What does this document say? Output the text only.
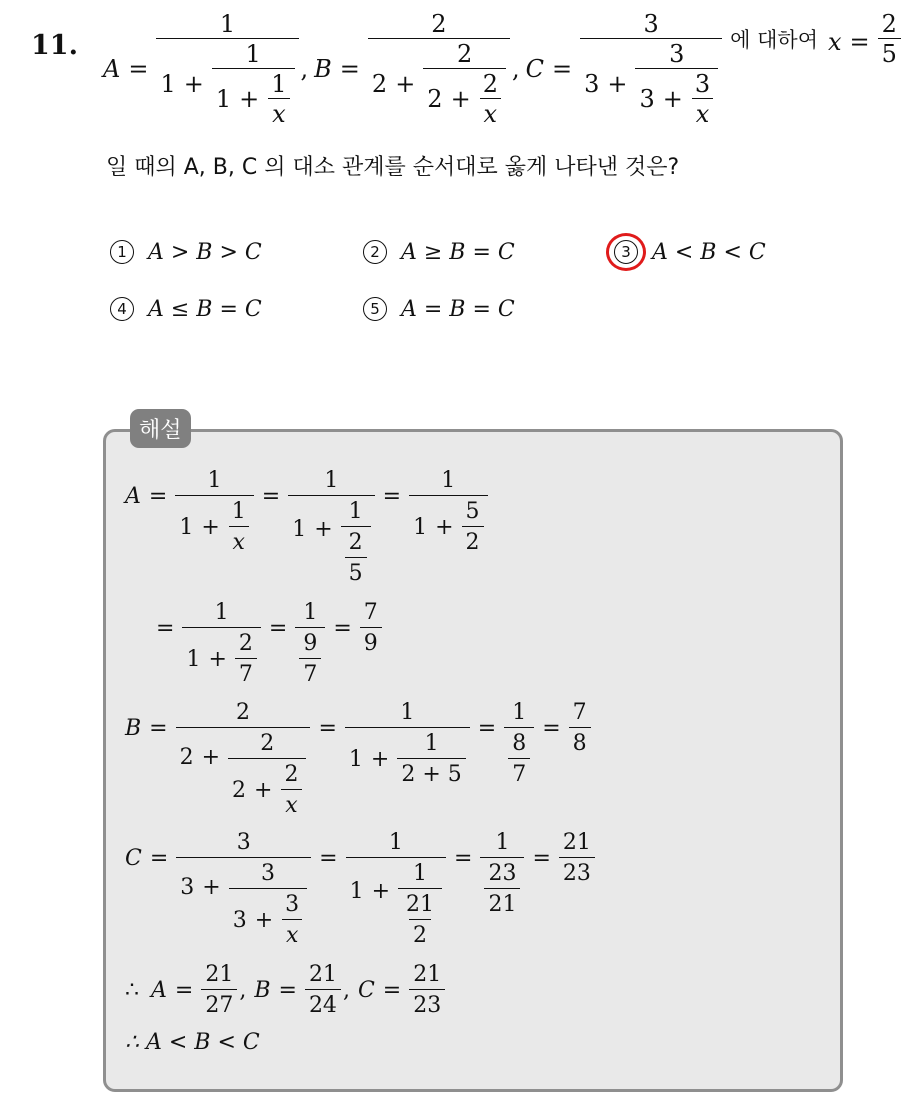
11.
$A = \frac{1}{1 + \frac{1}{1 + \frac{1}{x}}}$ , $B = \frac{2}{2 + \frac{2}{2 + \frac{2}{x}}}$ , $C = \frac{3}{3 + \frac{3}{3 + \frac{3}{x}}}$ 에 대하여 $x = \frac{2}{5}$
일 때의 A, B, C 의 대소 관계를 순서대로 옳게 나타낸 것은?
1 A > B > C	2 A ≥ B = C	3 A < B < C
4 A ≤ B = C	5 A = B = C
해설
$A = \frac{1}{1 + \frac{1}{x}} = \frac{1}{1 + \frac{1}{\frac{2}{5}}} = \frac{1}{1 + \frac{5}{2}}$
= $\frac{1}{1 + \frac{2}{7}} = \frac{1}{\frac{9}{7}} = \frac{7}{9}$
$B = \frac{2}{2 + \frac{2}{2 + \frac{2}{x}}} = \frac{1}{1 + \frac{1}{2 + 5}} = \frac{1}{\frac{8}{7}} = \frac{7}{8}$
$C = \frac{3}{3 + \frac{3}{3 + \frac{3}{x}}} = \frac{1}{1 + \frac{1}{\frac{21}{2}}} = \frac{1}{\frac{23}{21}} = \frac{21}{23}$
∴ $A = \frac{21}{27}$ , $B = \frac{21}{24}$ , $C = \frac{21}{23}$
∴ A < B < C
